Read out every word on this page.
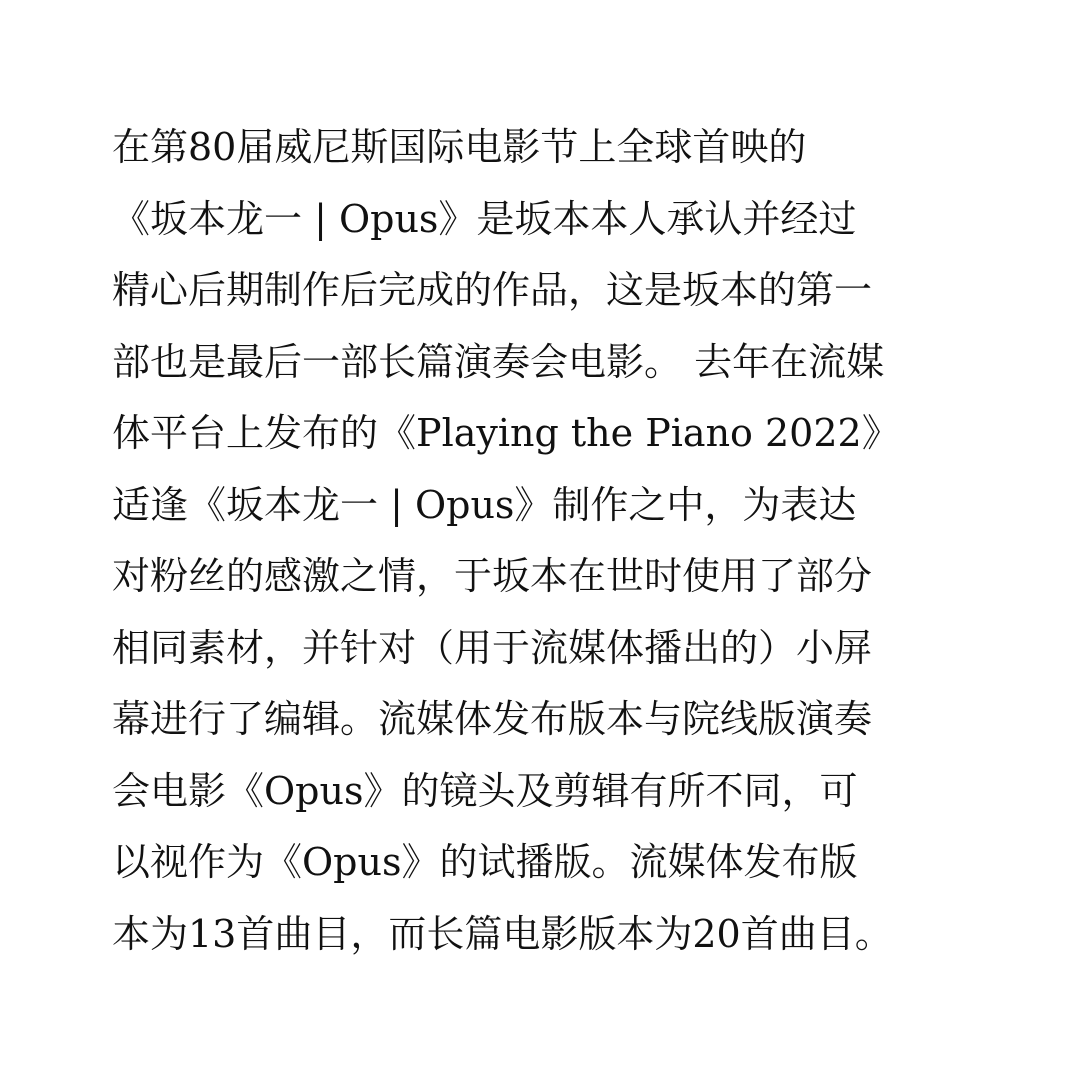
在第80届威尼斯国际电影节上全球首映的
《坂本龙一 | Opus》是坂本本人承认并经过
精心后期制作后完成的作品，这是坂本的第一
部也是最后一部长篇演奏会电影。 去年在流媒
体平台上发布的《Playing the Piano 2022》
适逢《坂本龙一 | Opus》制作之中，为表达
对粉丝的感激之情，于坂本在世时使用了部分
相同素材，并针对（用于流媒体播出的）小屏
幕进行了编辑。流媒体发布版本与院线版演奏
会电影《Opus》的镜头及剪辑有所不同，可
以视作为《Opus》的试播版。流媒体发布版
本为13首曲目，而长篇电影版本为20首曲目。
